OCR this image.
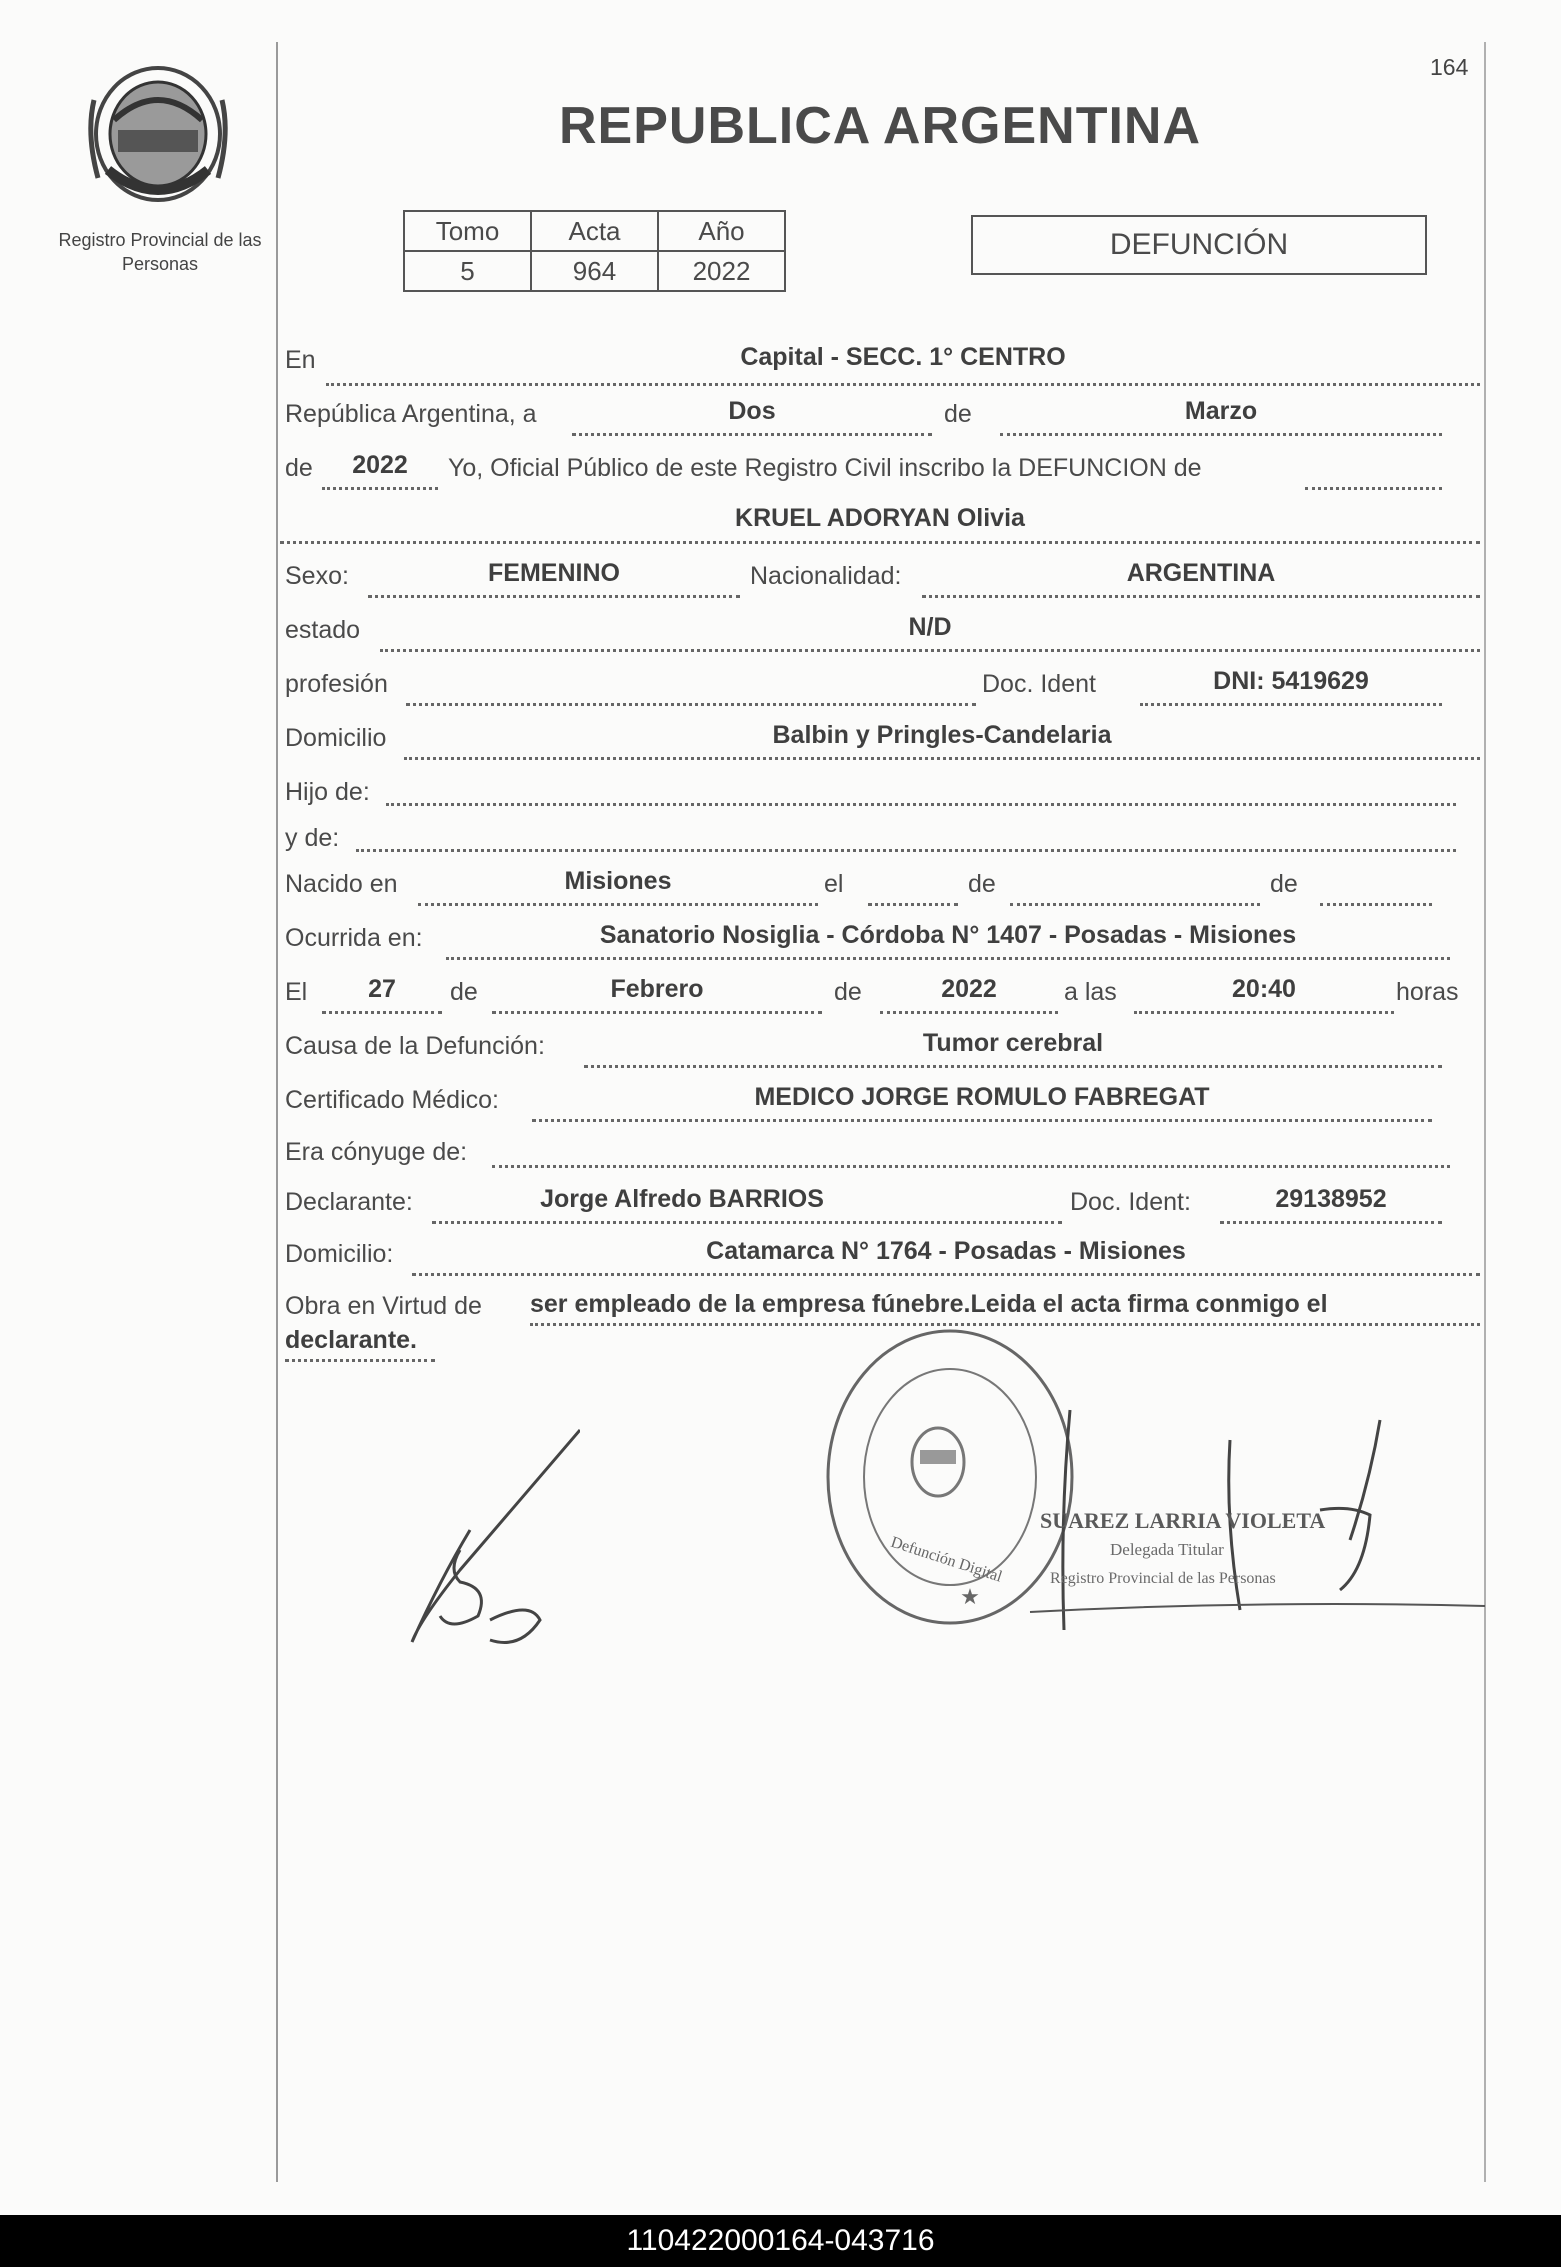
164
Registro Provincial de las Personas
REPUBLICA ARGENTINA
Tomo	Acta	Año
5	964	2022
DEFUNCIÓN
En	Capital - SECC. 1° CENTRO
República Argentina, a	Dos	de	Marzo
de	2022	Yo, Oficial Público de este Registro Civil inscribo la DEFUNCION de
KRUEL ADORYAN Olivia
Sexo:	FEMENINO	Nacionalidad:	ARGENTINA
estado	N/D
profesión	Doc. Ident	DNI: 5419629
Domicilio	Balbin y Pringles-Candelaria
Hijo de:
y de:
Nacido en	Misiones	el	de	de
Ocurrida en:	Sanatorio Nosiglia - Córdoba N° 1407 - Posadas - Misiones
El	27	de	Febrero	de	2022	a las	20:40	horas
Causa de la Defunción:	Tumor cerebral
Certificado Médico:	MEDICO JORGE ROMULO FABREGAT
Era cónyuge de:
Declarante:	Jorge Alfredo BARRIOS	Doc. Ident:	29138952
Domicilio:	Catamarca N° 1764 - Posadas - Misiones
Obra en Virtud de ser empleado de la empresa fúnebre.Leida el acta firma conmigo el
declarante.
Defunción Digital
★
SUAREZ LARRIA VIOLETA
Delegada Titular
Registro Provincial de las Personas
110422000164-043716
